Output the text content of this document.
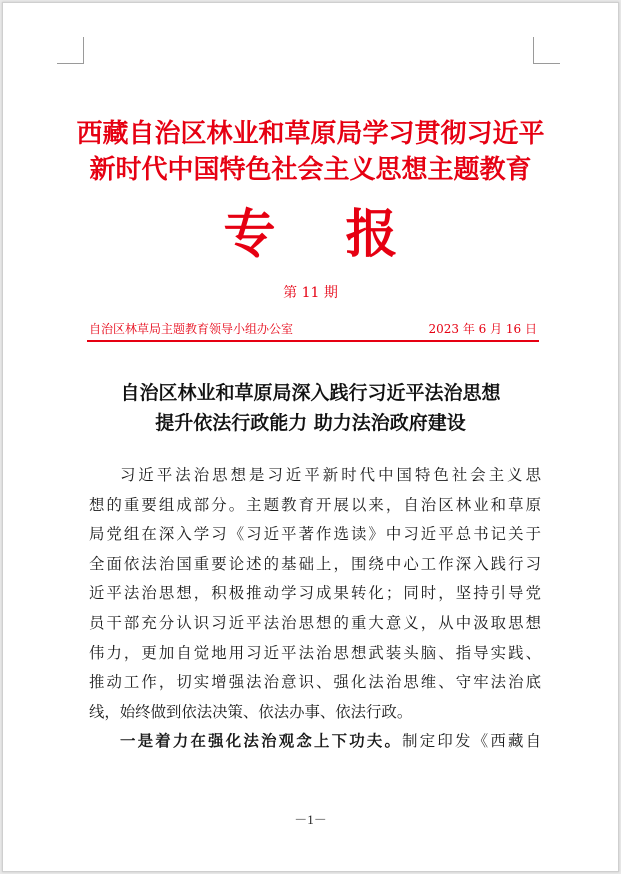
西藏自治区林业和草原局学习贯彻习近平
新时代中国特色社会主义思想主题教育
专 报
第 11 期
自治区林草局主题教育领导小组办公室	2023 年 6 月 16 日
自治区林业和草原局深入践行习近平法治思想
提升依法行政能力 助力法治政府建设
习近平法治思想是习近平新时代中国特色社会主义思
想的重要组成部分。主题教育开展以来，自治区林业和草原
局党组在深入学习《习近平著作选读》中习近平总书记关于
全面依法治国重要论述的基础上，围绕中心工作深入践行习
近平法治思想，积极推动学习成果转化；同时，坚持引导党
员干部充分认识习近平法治思想的重大意义，从中汲取思想
伟力，更加自觉地用习近平法治思想武装头脑、指导实践、
推动工作，切实增强法治意识、强化法治思维、守牢法治底
线，始终做到依法决策、依法办事、依法行政。
一是着力在强化法治观念上下功夫。制定印发《西藏自
－1－
